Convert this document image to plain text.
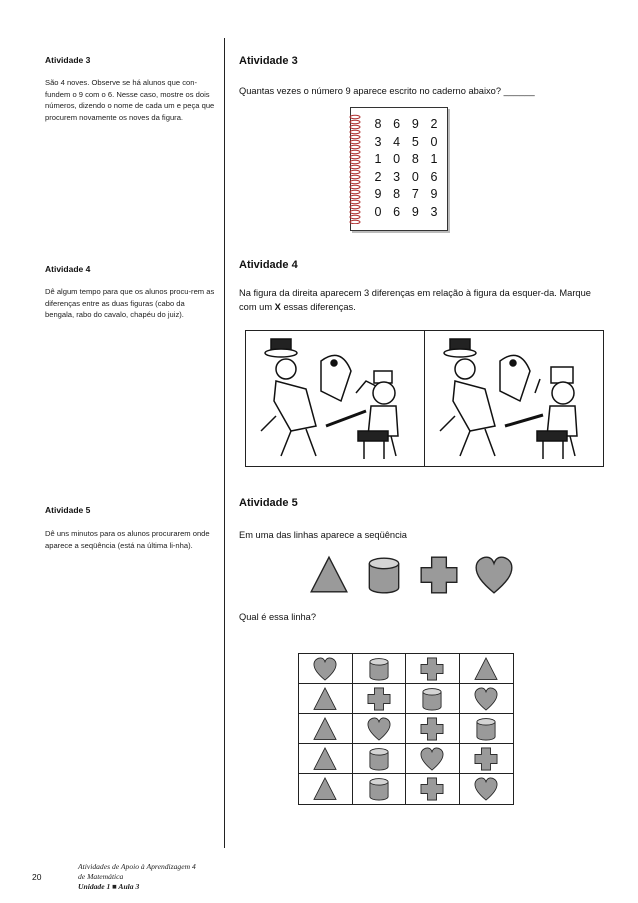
Atividade 3
São 4 noves. Observe se há alunos que con-fundem o 9 com o 6. Nesse caso, mostre os dois números, dizendo o nome de cada um e peça que procurem novamente os noves da figura.
Atividade 4
Dê algum tempo para que os alunos procu-rem as diferenças entre as duas figuras (cabo da bengala, rabo do cavalo, chapéu do juiz).
Atividade 5
Dê uns minutos para os alunos procurarem onde aparece a seqüência (está na última li-nha).
Atividade 3
Quantas vezes o número 9 aparece escrito no caderno abaixo? ______
8 6 9 2
3 4 5 0
1 0 8 1
2 3 0 6
9 8 7 9
0 6 9 3
Atividade 4
Na figura da direita aparecem 3 diferenças em relação à figura da esquer-da. Marque com um X essas diferenças.
Atividade 5
Em uma das linhas aparece a seqüência
Qual é essa linha?
20
Atividades de Apoio à Aprendizagem 4
de Matemática
Unidade 1 ■ Aula 3
